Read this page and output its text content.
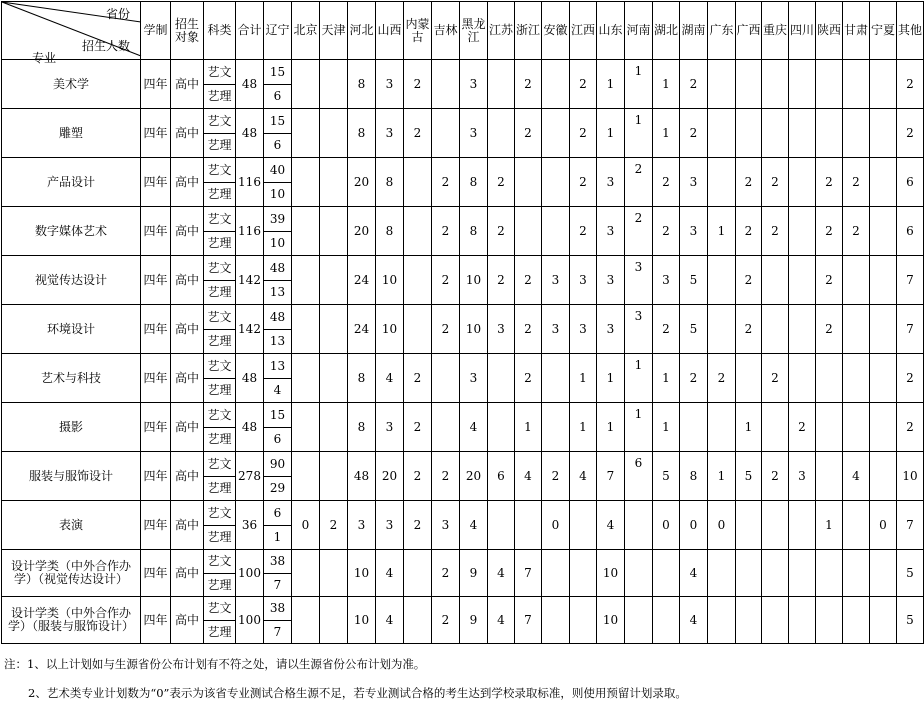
省份
招生人数
专业	学制	招生对象	科类	合计	辽宁	北京	天津	河北	山西	内蒙古	吉林	黑龙江	江苏	浙江	安徽	江西	山东	河南	湖北	湖南	广东	广西	重庆	四川	陕西	甘肃	宁夏	其他
美术学	四年	高中	艺文	48	15			8	3	2		3		2		2	1	1	1	2								2
			艺理		6																							
雕塑	四年	高中	艺文	48	15			8	3	2		3		2		2	1	1	1	2								2
			艺理		6																							
产品设计	四年	高中	艺文	116	40			20	8		2	8	2			2	3	2	2	3		2	2		2	2		6
			艺理		10																							
数字媒体艺术	四年	高中	艺文	116	39			20	8		2	8	2			2	3	2	2	3	1	2	2		2	2		6
			艺理		10																							
视觉传达设计	四年	高中	艺文	142	48			24	10		2	10	2	2	3	3	3	3	3	5		2			2			7
			艺理		13																							
环境设计	四年	高中	艺文	142	48			24	10		2	10	3	2	3	3	3	3	2	5		2			2			7
			艺理		13																							
艺术与科技	四年	高中	艺文	48	13			8	4	2		3		2		1	1	1	1	2	2		2					2
			艺理		4																							
摄影	四年	高中	艺文	48	15			8	3	2		4		1		1	1	1	1			1		2				2
			艺理		6																							
服装与服饰设计	四年	高中	艺文	278	90			48	20	2	2	20	6	4	2	4	7	6	5	8	1	5	2	3		4		10
			艺理		29																							
表演	四年	高中	艺文	36	6	0	2	3	3	2	3	4			0		4		0	0	0				1		0	7
			艺理		1																							
设计学类（中外合作办学）（视觉传达设计）	四年	高中	艺文	100	38			10	4		2	9	4	7			10			4								5
			艺理		7																							
设计学类（中外合作办学）（服装与服饰设计）	四年	高中	艺文	100	38			10	4		2	9	4	7			10			4								5
			艺理		7																							
注：1、以上计划如与生源省份公布计划有不符之处，请以生源省份公布计划为准。
2、艺术类专业计划数为“0”表示为该省专业测试合格生源不足，若专业测试合格的考生达到学校录取标准，则使用预留计划录取。
